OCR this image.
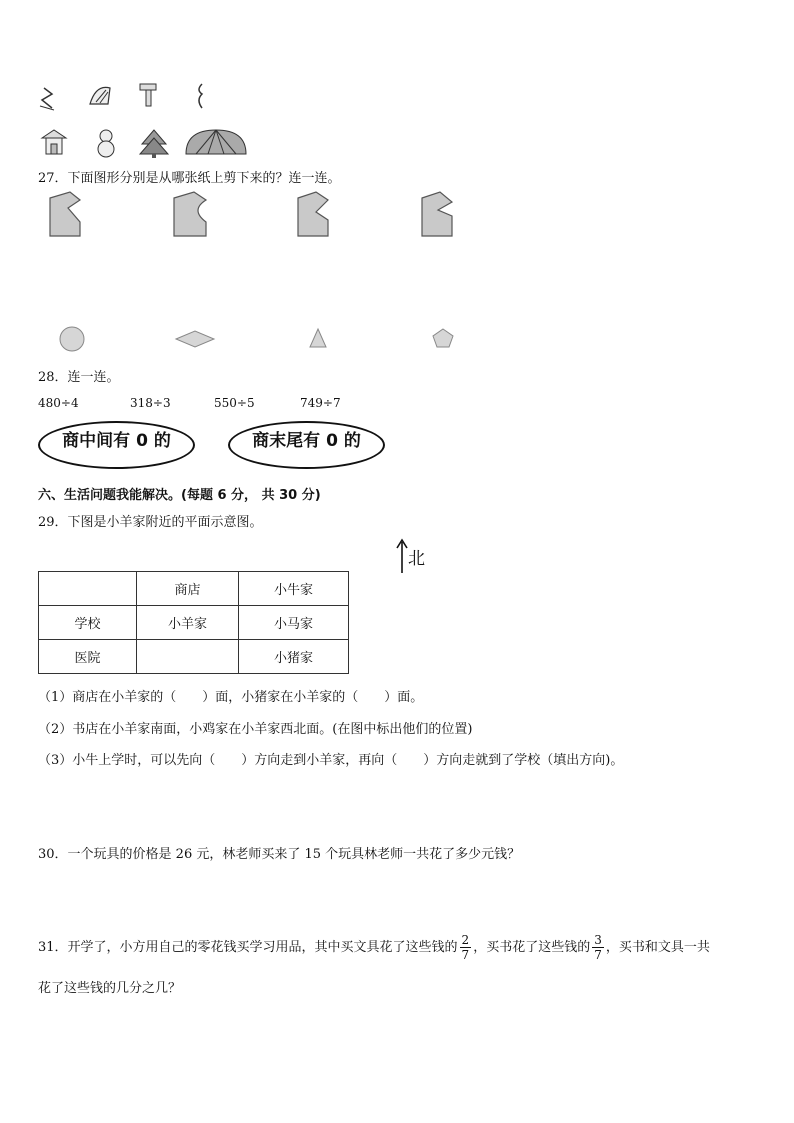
27．下面图形分别是从哪张纸上剪下来的？连一连。
28．连一连。
480÷4	318÷3	550÷5	749÷7
商中间有 0 的	商末尾有 0 的
六、生活问题我能解决。(每题 6 分， 共 30 分)
29．下图是小羊家附近的平面示意图。
北
	商店	小牛家
学校	小羊家	小马家
医院		小猪家
（1）商店在小羊家的（　　）面，小猪家在小羊家的（　　）面。
（2）书店在小羊家南面，小鸡家在小羊家西北面。(在图中标出他们的位置)
（3）小牛上学时，可以先向（　　）方向走到小羊家，再向（　　）方向走就到了学校（填出方向)。
30．一个玩具的价格是 26 元，林老师买来了 15 个玩具林老师一共花了多少元钱？
31．开学了，小方用自己的零花钱买学习用品，其中买文具花了这些钱的 $\frac{2}{7}$ ，买书花了这些钱的 $\frac{3}{7}$ ，买书和文具一共
花了这些钱的几分之几？
